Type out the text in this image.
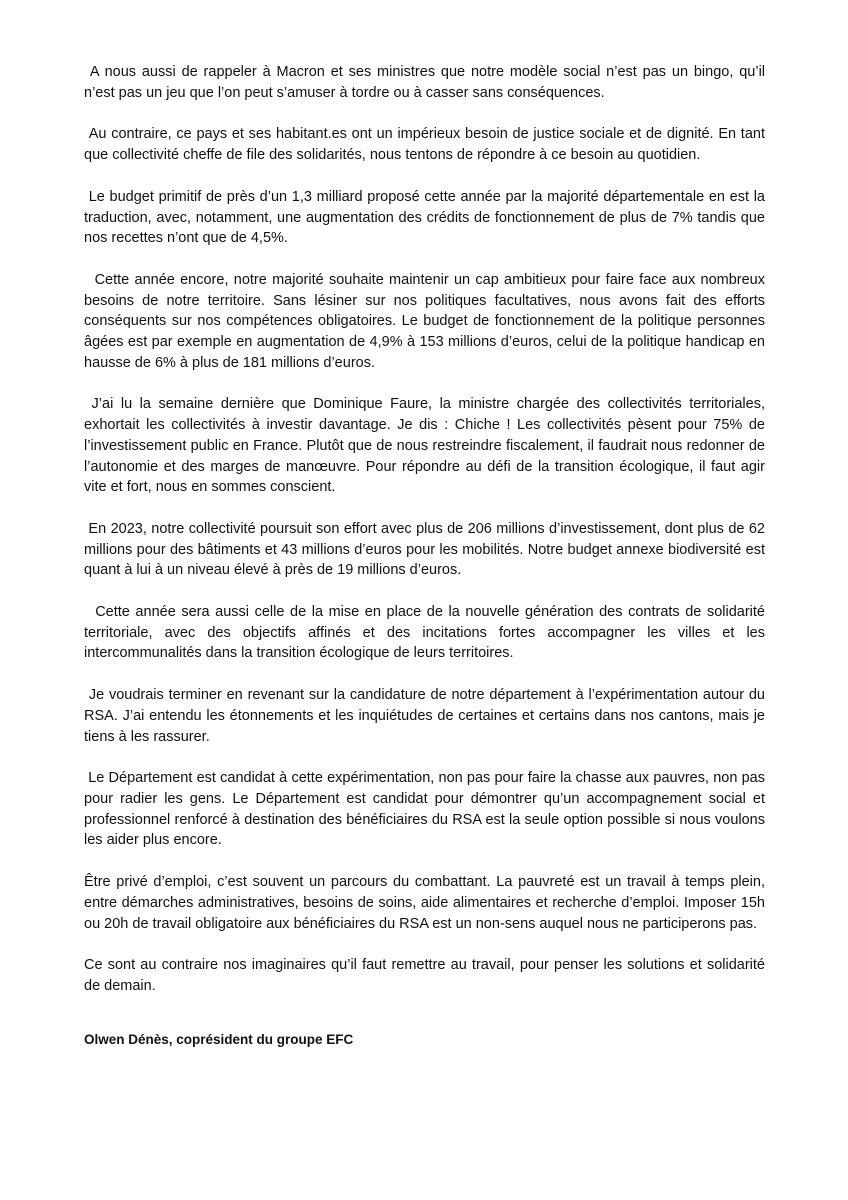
A nous aussi de rappeler à Macron et ses ministres que notre modèle social n’est pas un bingo, qu’il n’est pas un jeu que l’on peut s’amuser à tordre ou à casser sans conséquences.

Au contraire, ce pays et ses habitant.es ont un impérieux besoin de justice sociale et de dignité. En tant que collectivité cheffe de file des solidarités, nous tentons de répondre à ce besoin au quotidien.

Le budget primitif de près d’un 1,3 milliard proposé cette année par la majorité départementale en est la traduction, avec, notamment, une augmentation des crédits de fonctionnement de plus de 7% tandis que nos recettes n’ont que de 4,5%.

Cette année encore, notre majorité souhaite maintenir un cap ambitieux pour faire face aux nombreux besoins de notre territoire. Sans lésiner sur nos politiques facultatives, nous avons fait des efforts conséquents sur nos compétences obligatoires. Le budget de fonctionnement de la politique personnes âgées est par exemple en augmentation de 4,9% à 153 millions d’euros, celui de la politique handicap en hausse de 6% à plus de 181 millions d’euros.

J’ai lu la semaine dernière que Dominique Faure, la ministre chargée des collectivités territoriales, exhortait les collectivités à investir davantage. Je dis : Chiche ! Les collectivités pèsent pour 75% de l’investissement public en France. Plutôt que de nous restreindre fiscalement, il faudrait nous redonner de l’autonomie et des marges de manœuvre. Pour répondre au défi de la transition écologique, il faut agir vite et fort, nous en sommes conscient.

En 2023, notre collectivité poursuit son effort avec plus de 206 millions d’investissement, dont plus de 62 millions pour des bâtiments et 43 millions d’euros pour les mobilités. Notre budget annexe biodiversité est quant à lui à un niveau élevé à près de 19 millions d’euros.

Cette année sera aussi celle de la mise en place de la nouvelle génération des contrats de solidarité territoriale, avec des objectifs affinés et des incitations fortes accompagner les villes et les intercommunalités dans la transition écologique de leurs territoires.

Je voudrais terminer en revenant sur la candidature de notre département à l’expérimentation autour du RSA. J’ai entendu les étonnements et les inquiétudes de certaines et certains dans nos cantons, mais je tiens à les rassurer.

Le Département est candidat à cette expérimentation, non pas pour faire la chasse aux pauvres, non pas pour radier les gens. Le Département est candidat pour démontrer qu’un accompagnement social et professionnel renforcé à destination des bénéficiaires du RSA est la seule option possible si nous voulons les aider plus encore.

Être privé d’emploi, c’est souvent un parcours du combattant. La pauvreté est un travail à temps plein, entre démarches administratives, besoins de soins, aide alimentaires et recherche d’emploi. Imposer 15h ou 20h de travail obligatoire aux bénéficiaires du RSA est un non-sens auquel nous ne participerons pas.

Ce sont au contraire nos imaginaires qu’il faut remettre au travail, pour penser les solutions et solidarité de demain.

Olwen Dénès, coprésident du groupe EFC
